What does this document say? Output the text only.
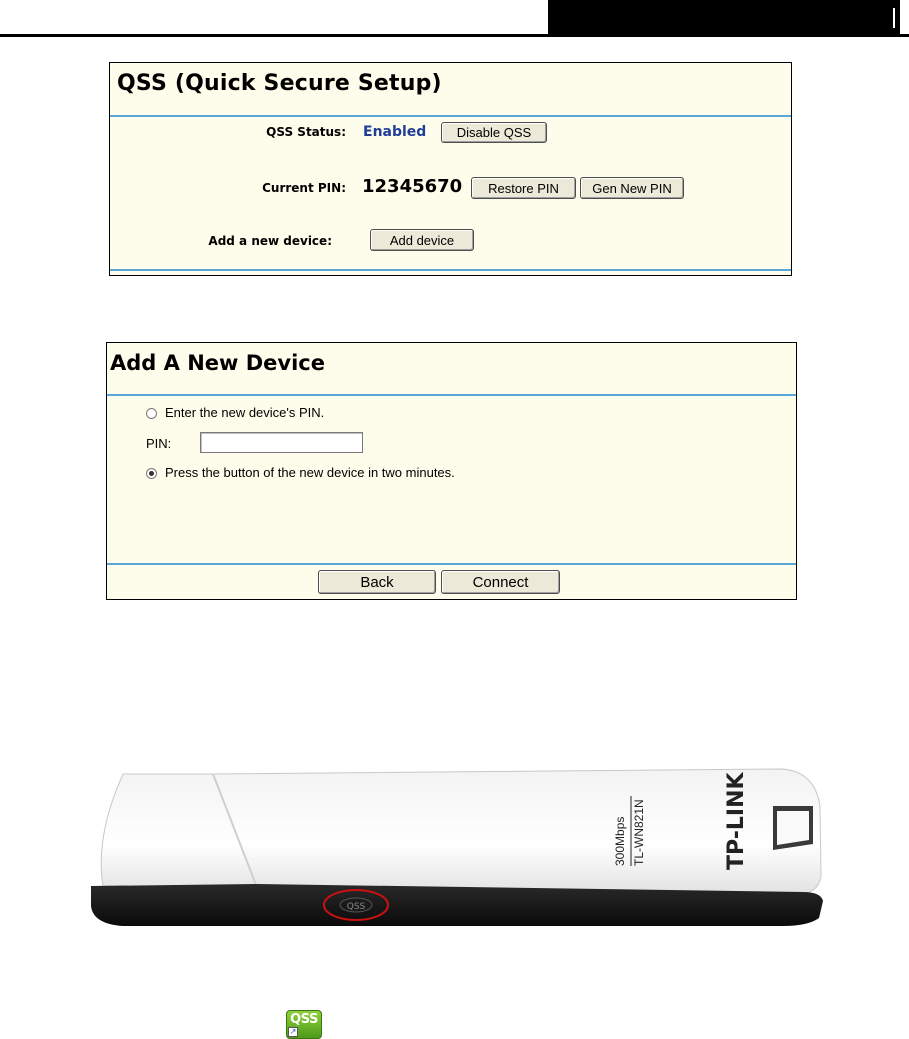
QSS (Quick Secure Setup)
QSS Status: Enabled	Disable QSS
Current PIN: 12345670	Restore PIN	Gen New PIN
Add a new device:	Add device
Add A New Device
Enter the new device's PIN.
PIN:
Press the button of the new device in two minutes.
Back	Connect
300Mbps TL-WN821N	TP-LINK
QSS
QSS
↗
